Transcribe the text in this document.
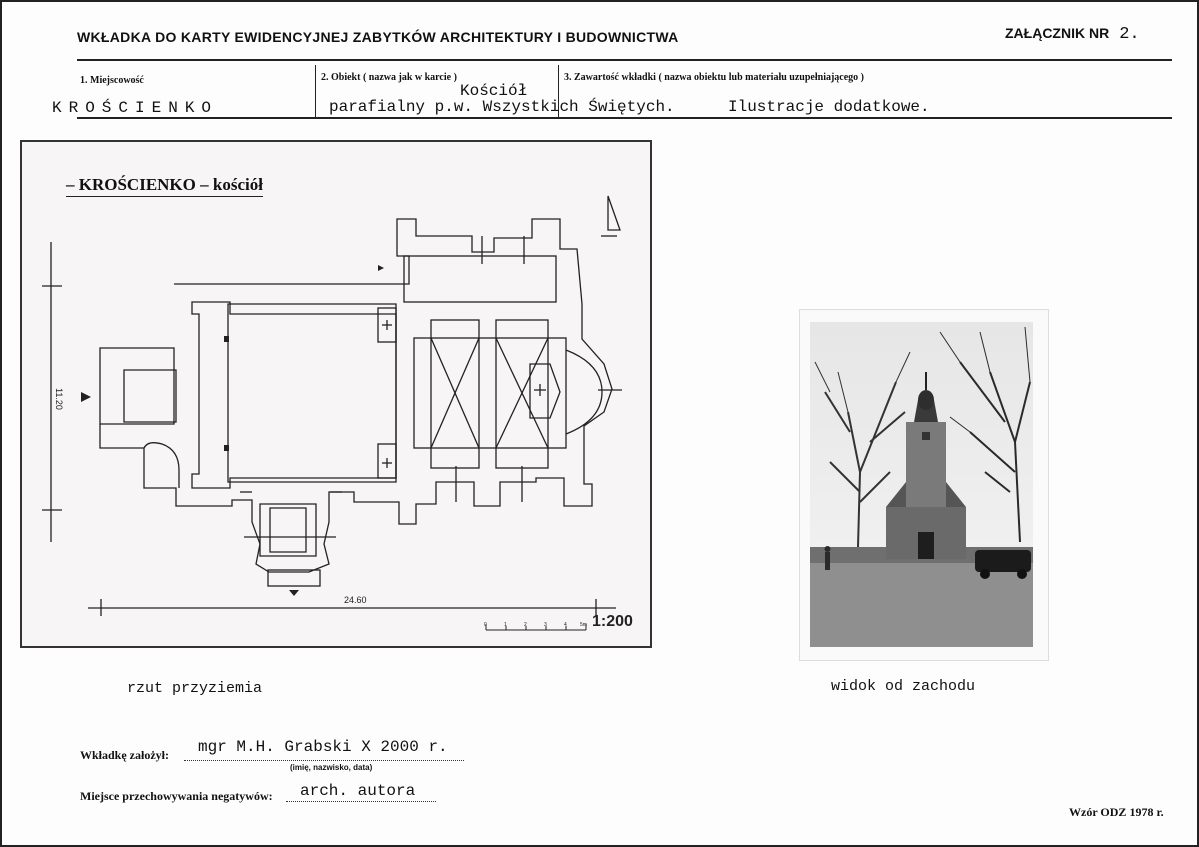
WKŁADKA DO KARTY EWIDENCYJNEJ ZABYTKÓW ARCHITEKTURY I BUDOWNICTWA	ZAŁĄCZNIK NR 2.
1. Miejscowość
KROŚCIENKO
2. Obiekt ( nazwa jak w karcie )
Kościół
parafialny p.w. Wszystkich Świętych.
3. Zawartość wkładki ( nazwa obiektu lub materiału uzupełniającego )
Ilustracje dodatkowe.
11.20
24.60
1:200
0	1	2	3	4	5m
– KROŚCIENKO – kościół
rzut przyziemia	widok od zachodu
Wkładkę założył: mgr M.H. Grabski X 2000 r.
(imię, nazwisko, data)
Miejsce przechowywania negatywów: arch. autora
Wzór ODZ 1978 r.
